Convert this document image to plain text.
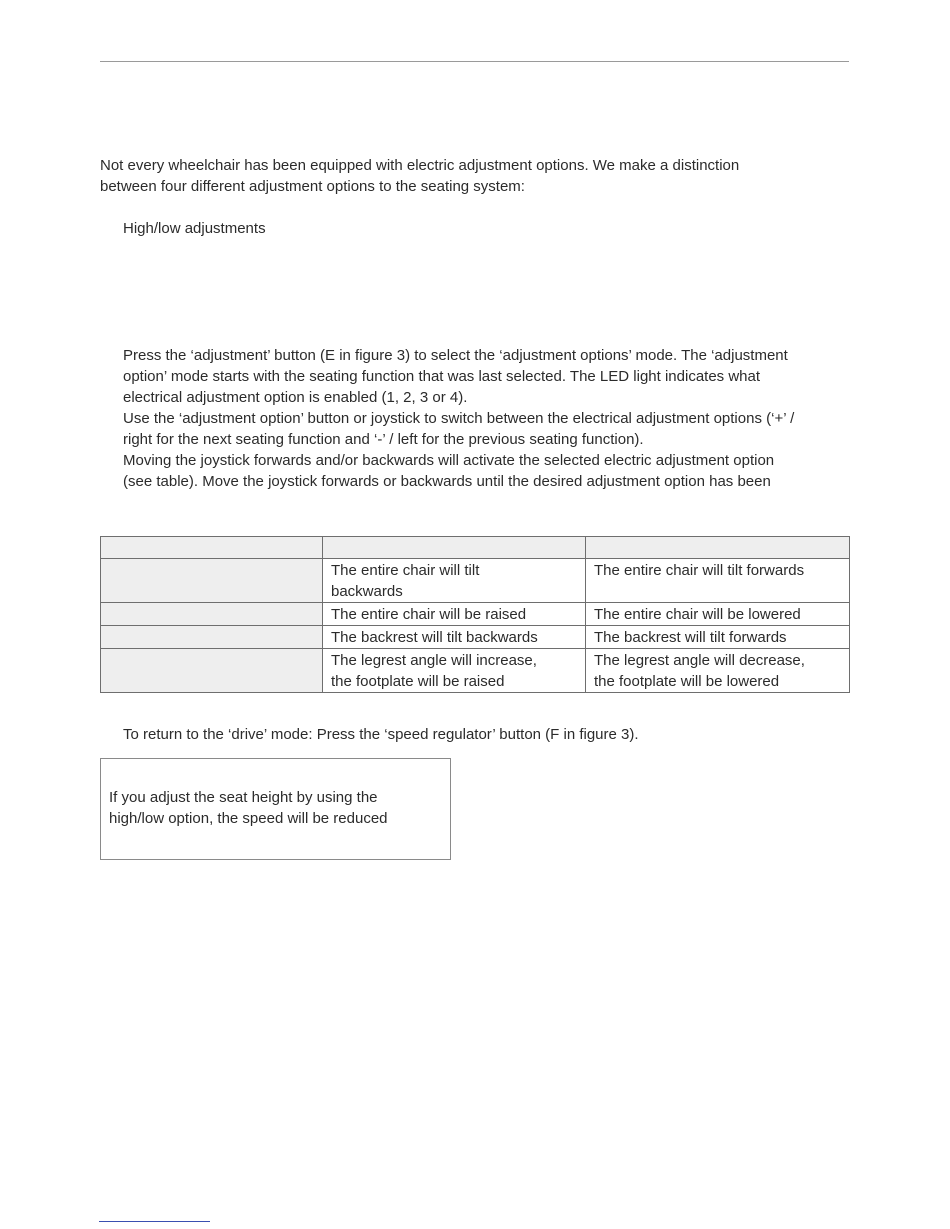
Not every wheelchair has been equipped with electric adjustment options. We make a distinction
between four different adjustment options to the seating system:

High/low adjustments

Press the ‘adjustment’ button (E in figure 3) to select the ‘adjustment options’ mode. The ‘adjustment
option’ mode starts with the seating function that was last selected. The LED light indicates what
electrical adjustment option is enabled (1, 2, 3 or 4).
Use the ‘adjustment option’ button or joystick to switch between the electrical adjustment options (‘+’ /
right for the next seating function and ‘-’ / left for the previous seating function).
Moving the joystick forwards and/or backwards will activate the selected electric adjustment option
(see table). Move the joystick forwards or backwards until the desired adjustment option has been

	The entire chair will tilt
backwards	The entire chair will tilt forwards
	The entire chair will be raised	The entire chair will be lowered
	The backrest will tilt backwards	The backrest will tilt forwards
	The legrest angle will increase,
the footplate will be raised	The legrest angle will decrease,
the footplate will be lowered

To return to the ‘drive’ mode: Press the ‘speed regulator’ button (F in figure 3).

If you adjust the seat height by using the
high/low option, the speed will be reduced
